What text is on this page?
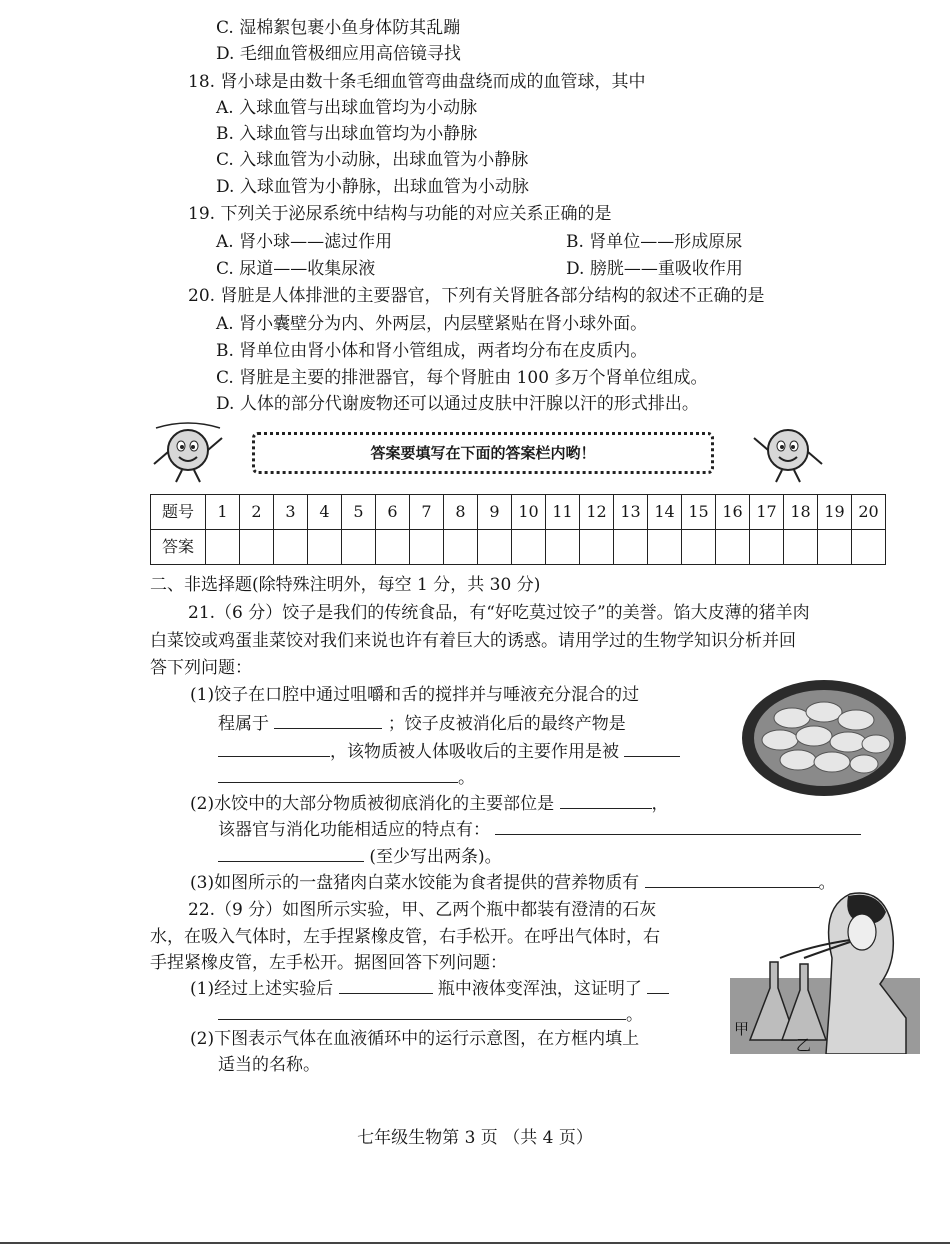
C. 湿棉絮包裹小鱼身体防其乱蹦
D. 毛细血管极细应用高倍镜寻找
18. 肾小球是由数十条毛细血管弯曲盘绕而成的血管球，其中
A. 入球血管与出球血管均为小动脉
B. 入球血管与出球血管均为小静脉
C. 入球血管为小动脉，出球血管为小静脉
D. 入球血管为小静脉，出球血管为小动脉
19. 下列关于泌尿系统中结构与功能的对应关系正确的是
A. 肾小球——滤过作用	B. 肾单位——形成原尿
C. 尿道——收集尿液	D. 膀胱——重吸收作用
20. 肾脏是人体排泄的主要器官，下列有关肾脏各部分结构的叙述不正确的是
A. 肾小囊壁分为内、外两层，内层壁紧贴在肾小球外面。
B. 肾单位由肾小体和肾小管组成，两者均分布在皮质内。
C. 肾脏是主要的排泄器官，每个肾脏由 100 多万个肾单位组成。
D. 人体的部分代谢废物还可以通过皮肤中汗腺以汗的形式排出。
答案要填写在下面的答案栏内哟！
题号	1	2	3	4	5	6	7	8	9	10	11	12	13	14	15	16	17	18	19	20
答案																				
二、非选择题(除特殊注明外，每空 1 分，共 30 分)
21.（6 分）饺子是我们的传统食品，有“好吃莫过饺子”的美誉。馅大皮薄的猪羊肉
白菜饺或鸡蛋韭菜饺对我们来说也许有着巨大的诱惑。请用学过的生物学知识分析并回
答下列问题：
(1)饺子在口腔中通过咀嚼和舌的搅拌并与唾液充分混合的过
程属于	；饺子皮被消化后的最终产物是
，该物质被人体吸收后的主要作用是被
。
(2)水饺中的大部分物质被彻底消化的主要部位是	，
该器官与消化功能相适应的特点有：
(至少写出两条)。
(3)如图所示的一盘猪肉白菜水饺能为食者提供的营养物质有	。
22.（9 分）如图所示实验，甲、乙两个瓶中都装有澄清的石灰
水，在吸入气体时，左手捏紧橡皮管，右手松开。在呼出气体时，右
手捏紧橡皮管，左手松开。据图回答下列问题：
(1)经过上述实验后	瓶中液体变浑浊，这证明了
。
(2)下图表示气体在血液循环中的运行示意图，在方框内填上
适当的名称。
甲
乙
七年级生物第 3 页 （共 4 页）
